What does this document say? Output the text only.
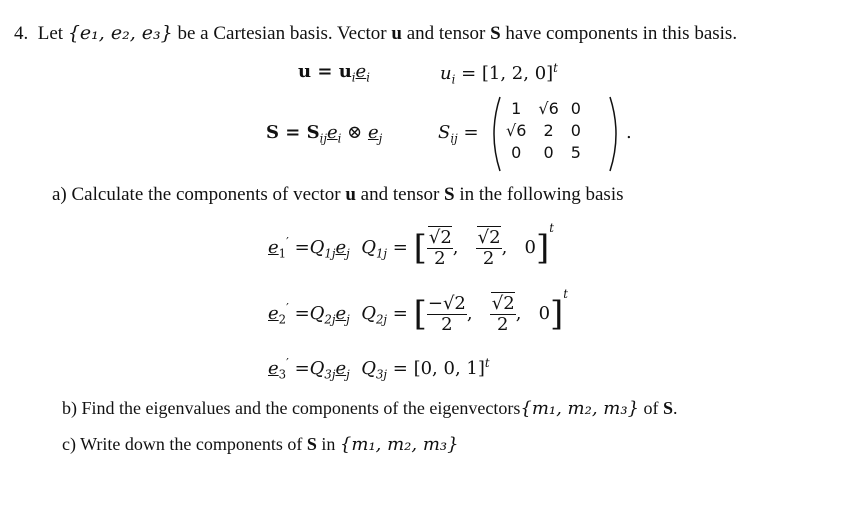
4. Let {e₁, e₂, e₃} be a Cartesian basis. Vector u and tensor S have components in this basis.
$u = u_ie_i$	$u_i = [1$, 2, 0]$^t$
$S = S_{ij}e_i$ ⊗ $e_j$	$S_{ij}$ =
1	√6	0
√6	2	0
0	0	5
.
a) Calculate the components of vector u and tensor S in the following basis
$e_1' =Q_{1j}e_j$ $Q_{1j}$ = [ $\frac{√2}{2}$ , $\frac{√2}{2}$ ,   0]$^t$
$e_2' =Q_{2j}e_j$ $Q_{2j}$ = [ $\frac{-√2}{2}$ , $\frac{√2}{2}$ ,   0]$^t$
$e_3' =Q_{3j}e_j$ $Q_{3j} = [0$, 0, 1]$^t$
b) Find the eigenvalues and the components of the eigenvectors{m₁, m₂, m₃} of S.
c) Write down the components of S in {m₁, m₂, m₃}
